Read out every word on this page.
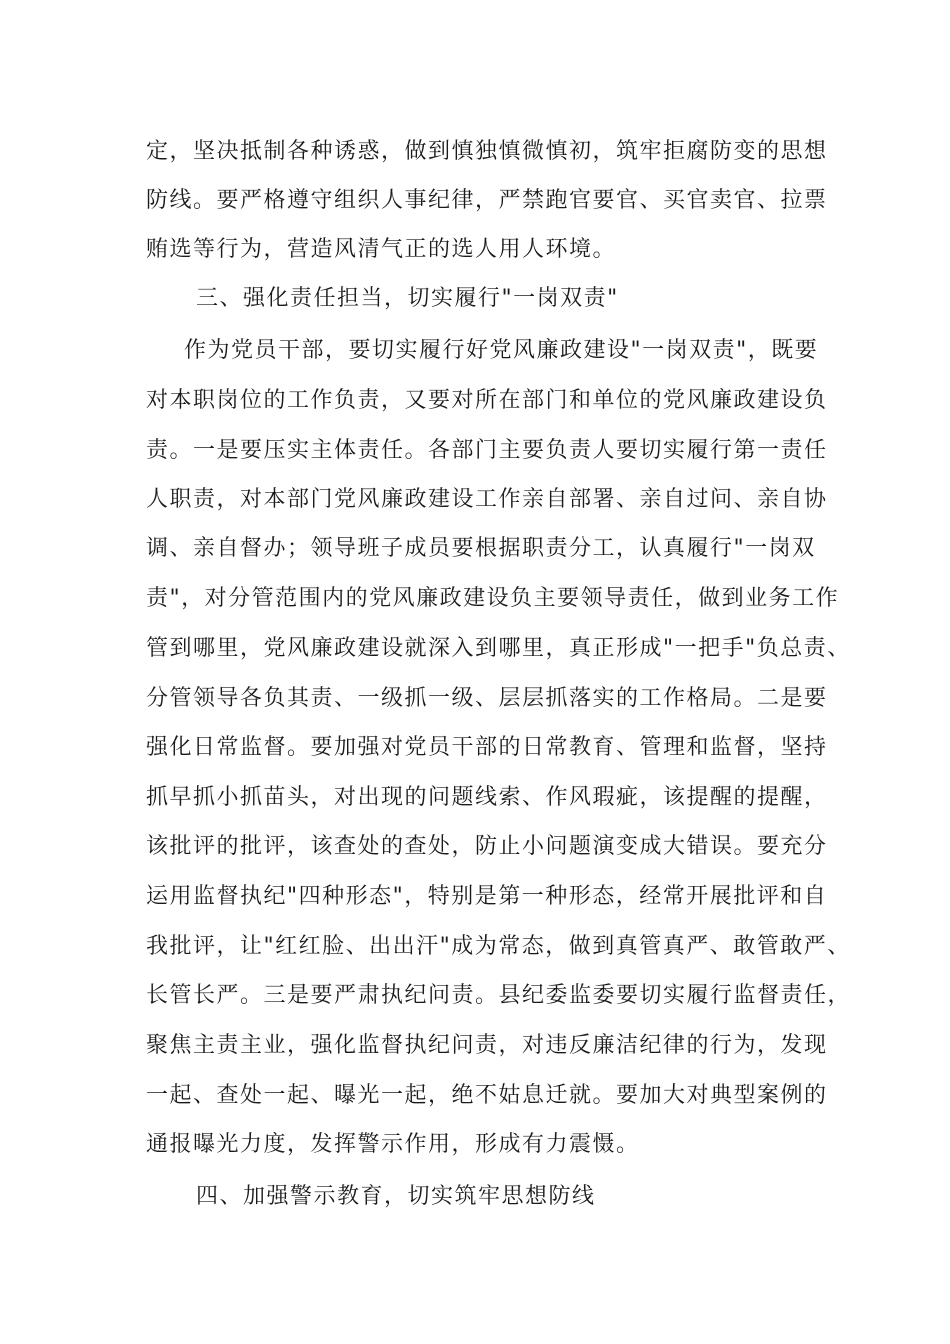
定，坚决抵制各种诱惑，做到慎独慎微慎初，筑牢拒腐防变的思想
防线。要严格遵守组织人事纪律，严禁跑官要官、买官卖官、拉票
贿选等行为，营造风清气正的选人用人环境。
三、强化责任担当，切实履行"一岗双责"
作为党员干部，要切实履行好党风廉政建设"一岗双责"，既要
对本职岗位的工作负责，又要对所在部门和单位的党风廉政建设负
责。一是要压实主体责任。各部门主要负责人要切实履行第一责任
人职责，对本部门党风廉政建设工作亲自部署、亲自过问、亲自协
调、亲自督办；领导班子成员要根据职责分工，认真履行"一岗双
责"，对分管范围内的党风廉政建设负主要领导责任，做到业务工作
管到哪里，党风廉政建设就深入到哪里，真正形成"一把手"负总责、
分管领导各负其责、一级抓一级、层层抓落实的工作格局。二是要
强化日常监督。要加强对党员干部的日常教育、管理和监督，坚持
抓早抓小抓苗头，对出现的问题线索、作风瑕疵，该提醒的提醒，
该批评的批评，该查处的查处，防止小问题演变成大错误。要充分
运用监督执纪"四种形态"，特别是第一种形态，经常开展批评和自
我批评，让"红红脸、出出汗"成为常态，做到真管真严、敢管敢严、
长管长严。三是要严肃执纪问责。县纪委监委要切实履行监督责任，
聚焦主责主业，强化监督执纪问责，对违反廉洁纪律的行为，发现
一起、查处一起、曝光一起，绝不姑息迁就。要加大对典型案例的
通报曝光力度，发挥警示作用，形成有力震慑。
四、加强警示教育，切实筑牢思想防线
